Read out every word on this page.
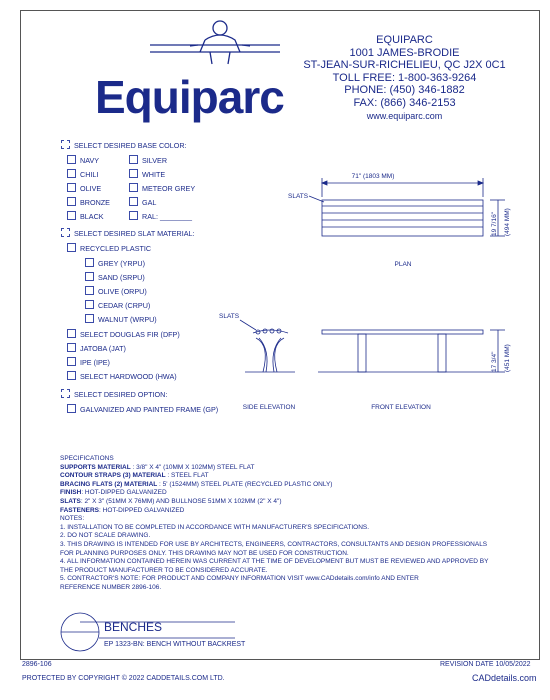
Equiparc
EQUIPARC
1001 JAMES-BRODIE
ST-JEAN-SUR-RICHELIEU, QC J2X 0C1
TOLL FREE: 1-800-363-9264
PHONE: (450) 346-1882
FAX: (866) 346-2153
www.equiparc.com
SELECT DESIRED BASE COLOR:
NAVY
CHILI
OLIVE
BRONZE
BLACK
SILVER
WHITE
METEOR GREY
GAL
RAL: ________
SELECT DESIRED SLAT MATERIAL:
RECYCLED PLASTIC
GREY (YRPU)
SAND (SRPU)
OLIVE (ORPU)
CEDAR (CRPU)
WALNUT (WRPU)
SELECT DOUGLAS FIR (DFP)
JATOBA (JAT)
IPE (IPE)
SELECT HARDWOOD (HWA)
SELECT DESIRED OPTION:
GALVANIZED AND PAINTED FRAME (GP)
71" (1803 MM)
SLATS
19 7/16" (494 MM)
PLAN
SLATS
17 3/4" (451 MM)
SIDE ELEVATION	FRONT ELEVATION
SPECIFICATIONS
SUPPORTS MATERIAL : 3/8" X 4" (10MM X 102MM) STEEL FLAT
CONTOUR STRAPS (3) MATERIAL : STEEL FLAT
BRACING FLATS (2) MATERIAL : 5' (1524MM) STEEL PLATE (RECYCLED PLASTIC ONLY)
FINISH: HOT-DIPPED GALVANIZED
SLATS: 2" X 3" (51MM X 76MM) AND BULLNOSE 51MM X 102MM (2" X 4")
FASTENERS: HOT-DIPPED GALVANIZED
NOTES:
1. INSTALLATION TO BE COMPLETED IN ACCORDANCE WITH MANUFACTURER'S SPECIFICATIONS.
2. DO NOT SCALE DRAWING.
3. THIS DRAWING IS INTENDED FOR USE BY ARCHITECTS, ENGINEERS, CONTRACTORS, CONSULTANTS AND DESIGN PROFESSIONALS
FOR PLANNING PURPOSES ONLY. THIS DRAWING MAY NOT BE USED FOR CONSTRUCTION.
4. ALL INFORMATION CONTAINED HEREIN WAS CURRENT AT THE TIME OF DEVELOPMENT BUT MUST BE REVIEWED AND APPROVED BY
THE PRODUCT MANUFACTURER TO BE CONSIDERED ACCURATE.
5. CONTRACTOR'S NOTE: FOR PRODUCT AND COMPANY INFORMATION VISIT www.CADdetails.com/info AND ENTER
REFERENCE NUMBER 2896-106.
BENCHES
EP 1323-BN: BENCH WITHOUT BACKREST
2896-106	REVISION DATE 10/05/2022
PROTECTED BY COPYRIGHT © 2022 CADDETAILS.COM LTD.	CADdetails.com
